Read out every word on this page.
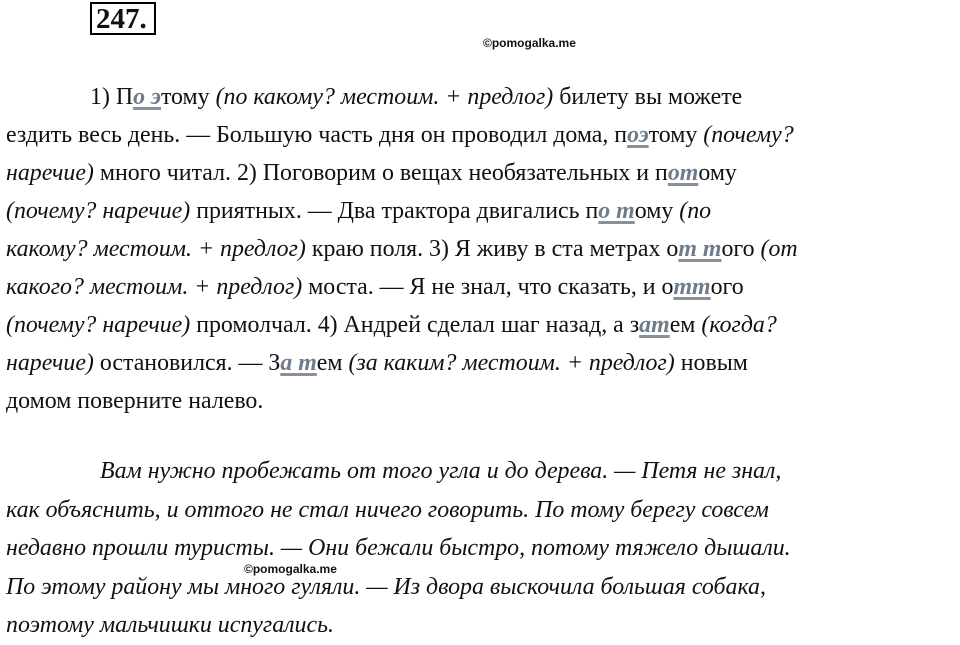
247.
©pomogalka.me
1) По этому (по какому? местоим. + предлог) билету вы можете
ездить весь день. — Большую часть дня он проводил дома, поэтому (почему?
наречие) много читал. 2) Поговорим о вещах необязательных и потому
(почему? наречие) приятных. — Два трактора двигались по тому (по
какому? местоим. + предлог) краю поля. 3) Я живу в ста метрах от того (от
какого? местоим. + предлог) моста. — Я не знал, что сказать, и оттого
(почему? наречие) промолчал. 4) Андрей сделал шаг назад, а затем (когда?
наречие) остановился. — За тем (за каким? местоим. + предлог) новым
домом поверните налево.
Вам нужно пробежать от того угла и до дерева. — Петя не знал,
как объяснить, и оттого не стал ничего говорить. По тому берегу совсем
недавно прошли туристы. — Они бежали быстро, потому тяжело дышали.
По этому району мы много гуляли. — Из двора выскочила большая собака,
поэтому мальчишки испугались.
©pomogalka.me
